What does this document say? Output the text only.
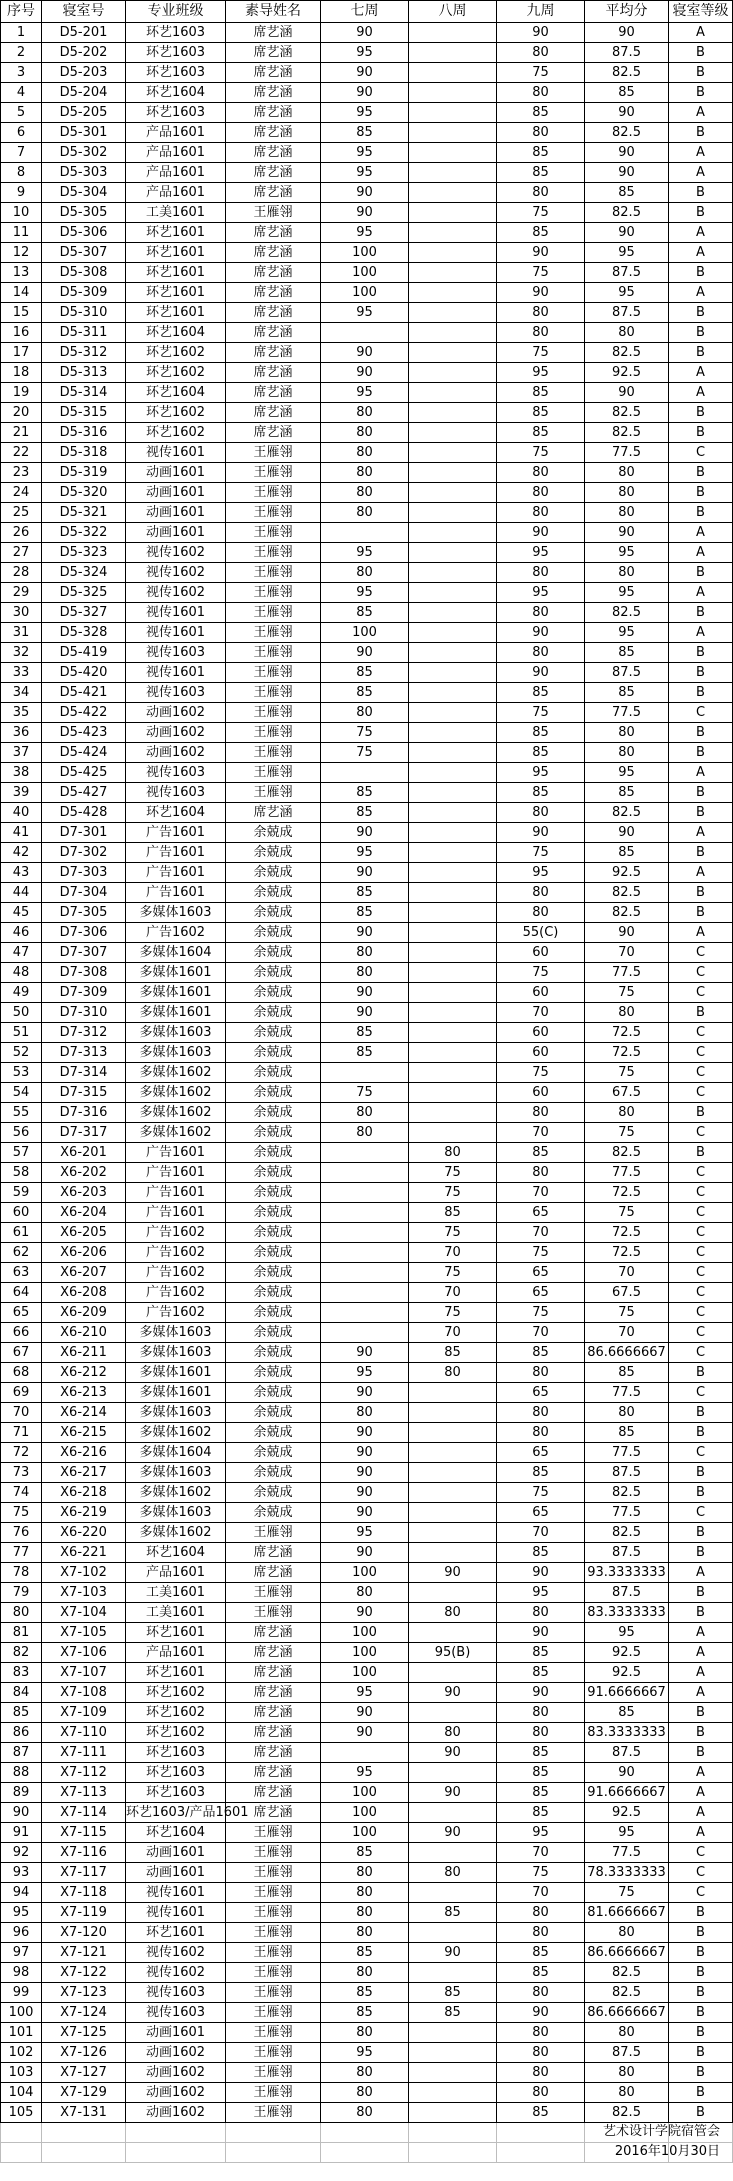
序号	寝室号	专业班级	素导姓名	七周	八周	九周	平均分	寝室等级
1	D5-201	环艺1603	席艺涵	90		90	90	A
2	D5-202	环艺1603	席艺涵	95		80	87.5	B
3	D5-203	环艺1603	席艺涵	90		75	82.5	B
4	D5-204	环艺1604	席艺涵	90		80	85	B
5	D5-205	环艺1603	席艺涵	95		85	90	A
6	D5-301	产品1601	席艺涵	85		80	82.5	B
7	D5-302	产品1601	席艺涵	95		85	90	A
8	D5-303	产品1601	席艺涵	95		85	90	A
9	D5-304	产品1601	席艺涵	90		80	85	B
10	D5-305	工美1601	王雁翎	90		75	82.5	B
11	D5-306	环艺1601	席艺涵	95		85	90	A
12	D5-307	环艺1601	席艺涵	100		90	95	A
13	D5-308	环艺1601	席艺涵	100		75	87.5	B
14	D5-309	环艺1601	席艺涵	100		90	95	A
15	D5-310	环艺1601	席艺涵	95		80	87.5	B
16	D5-311	环艺1604	席艺涵			80	80	B
17	D5-312	环艺1602	席艺涵	90		75	82.5	B
18	D5-313	环艺1602	席艺涵	90		95	92.5	A
19	D5-314	环艺1604	席艺涵	95		85	90	A
20	D5-315	环艺1602	席艺涵	80		85	82.5	B
21	D5-316	环艺1602	席艺涵	80		85	82.5	B
22	D5-318	视传1601	王雁翎	80		75	77.5	C
23	D5-319	动画1601	王雁翎	80		80	80	B
24	D5-320	动画1601	王雁翎	80		80	80	B
25	D5-321	动画1601	王雁翎	80		80	80	B
26	D5-322	动画1601	王雁翎			90	90	A
27	D5-323	视传1602	王雁翎	95		95	95	A
28	D5-324	视传1602	王雁翎	80		80	80	B
29	D5-325	视传1602	王雁翎	95		95	95	A
30	D5-327	视传1601	王雁翎	85		80	82.5	B
31	D5-328	视传1601	王雁翎	100		90	95	A
32	D5-419	视传1603	王雁翎	90		80	85	B
33	D5-420	视传1601	王雁翎	85		90	87.5	B
34	D5-421	视传1603	王雁翎	85		85	85	B
35	D5-422	动画1602	王雁翎	80		75	77.5	C
36	D5-423	动画1602	王雁翎	75		85	80	B
37	D5-424	动画1602	王雁翎	75		85	80	B
38	D5-425	视传1603	王雁翎			95	95	A
39	D5-427	视传1603	王雁翎	85		85	85	B
40	D5-428	环艺1604	席艺涵	85		80	82.5	B
41	D7-301	广告1601	余兢成	90		90	90	A
42	D7-302	广告1601	余兢成	95		75	85	B
43	D7-303	广告1601	余兢成	90		95	92.5	A
44	D7-304	广告1601	余兢成	85		80	82.5	B
45	D7-305	多媒体1603	余兢成	85		80	82.5	B
46	D7-306	广告1602	余兢成	90		55(C)	90	A
47	D7-307	多媒体1604	余兢成	80		60	70	C
48	D7-308	多媒体1601	余兢成	80		75	77.5	C
49	D7-309	多媒体1601	余兢成	90		60	75	C
50	D7-310	多媒体1601	余兢成	90		70	80	B
51	D7-312	多媒体1603	余兢成	85		60	72.5	C
52	D7-313	多媒体1603	余兢成	85		60	72.5	C
53	D7-314	多媒体1602	余兢成			75	75	C
54	D7-315	多媒体1602	余兢成	75		60	67.5	C
55	D7-316	多媒体1602	余兢成	80		80	80	B
56	D7-317	多媒体1602	余兢成	80		70	75	C
57	X6-201	广告1601	余兢成		80	85	82.5	B
58	X6-202	广告1601	余兢成		75	80	77.5	C
59	X6-203	广告1601	余兢成		75	70	72.5	C
60	X6-204	广告1601	余兢成		85	65	75	C
61	X6-205	广告1602	余兢成		75	70	72.5	C
62	X6-206	广告1602	余兢成		70	75	72.5	C
63	X6-207	广告1602	余兢成		75	65	70	C
64	X6-208	广告1602	余兢成		70	65	67.5	C
65	X6-209	广告1602	余兢成		75	75	75	C
66	X6-210	多媒体1603	余兢成		70	70	70	C
67	X6-211	多媒体1603	余兢成	90	85	85	86.6666667	C
68	X6-212	多媒体1601	余兢成	95	80	80	85	B
69	X6-213	多媒体1601	余兢成	90		65	77.5	C
70	X6-214	多媒体1603	余兢成	80		80	80	B
71	X6-215	多媒体1602	余兢成	90		80	85	B
72	X6-216	多媒体1604	余兢成	90		65	77.5	C
73	X6-217	多媒体1603	余兢成	90		85	87.5	B
74	X6-218	多媒体1602	余兢成	90		75	82.5	B
75	X6-219	多媒体1603	余兢成	90		65	77.5	C
76	X6-220	多媒体1602	王雁翎	95		70	82.5	B
77	X6-221	环艺1604	席艺涵	90		85	87.5	B
78	X7-102	产品1601	席艺涵	100	90	90	93.3333333	A
79	X7-103	工美1601	王雁翎	80		95	87.5	B
80	X7-104	工美1601	王雁翎	90	80	80	83.3333333	B
81	X7-105	环艺1601	席艺涵	100		90	95	A
82	X7-106	产品1601	席艺涵	100	95(B)	85	92.5	A
83	X7-107	环艺1601	席艺涵	100		85	92.5	A
84	X7-108	环艺1602	席艺涵	95	90	90	91.6666667	A
85	X7-109	环艺1602	席艺涵	90		80	85	B
86	X7-110	环艺1602	席艺涵	90	80	80	83.3333333	B
87	X7-111	环艺1603	席艺涵		90	85	87.5	B
88	X7-112	环艺1603	席艺涵	95		85	90	A
89	X7-113	环艺1603	席艺涵	100	90	85	91.6666667	A
90	X7-114	环艺1603/产品1601	席艺涵	100		85	92.5	A
91	X7-115	环艺1604	王雁翎	100	90	95	95	A
92	X7-116	动画1601	王雁翎	85		70	77.5	C
93	X7-117	动画1601	王雁翎	80	80	75	78.3333333	C
94	X7-118	视传1601	王雁翎	80		70	75	C
95	X7-119	视传1601	王雁翎	80	85	80	81.6666667	B
96	X7-120	环艺1601	王雁翎	80		80	80	B
97	X7-121	视传1602	王雁翎	85	90	85	86.6666667	B
98	X7-122	视传1602	王雁翎	80		85	82.5	B
99	X7-123	视传1603	王雁翎	85	85	80	82.5	B
100	X7-124	视传1603	王雁翎	85	85	90	86.6666667	B
101	X7-125	动画1601	王雁翎	80		80	80	B
102	X7-126	动画1602	王雁翎	95		80	87.5	B
103	X7-127	动画1602	王雁翎	80		80	80	B
104	X7-129	动画1602	王雁翎	80		80	80	B
105	X7-131	动画1602	王雁翎	80		85	82.5	B

艺术设计学院宿管会
2016年10月30日
